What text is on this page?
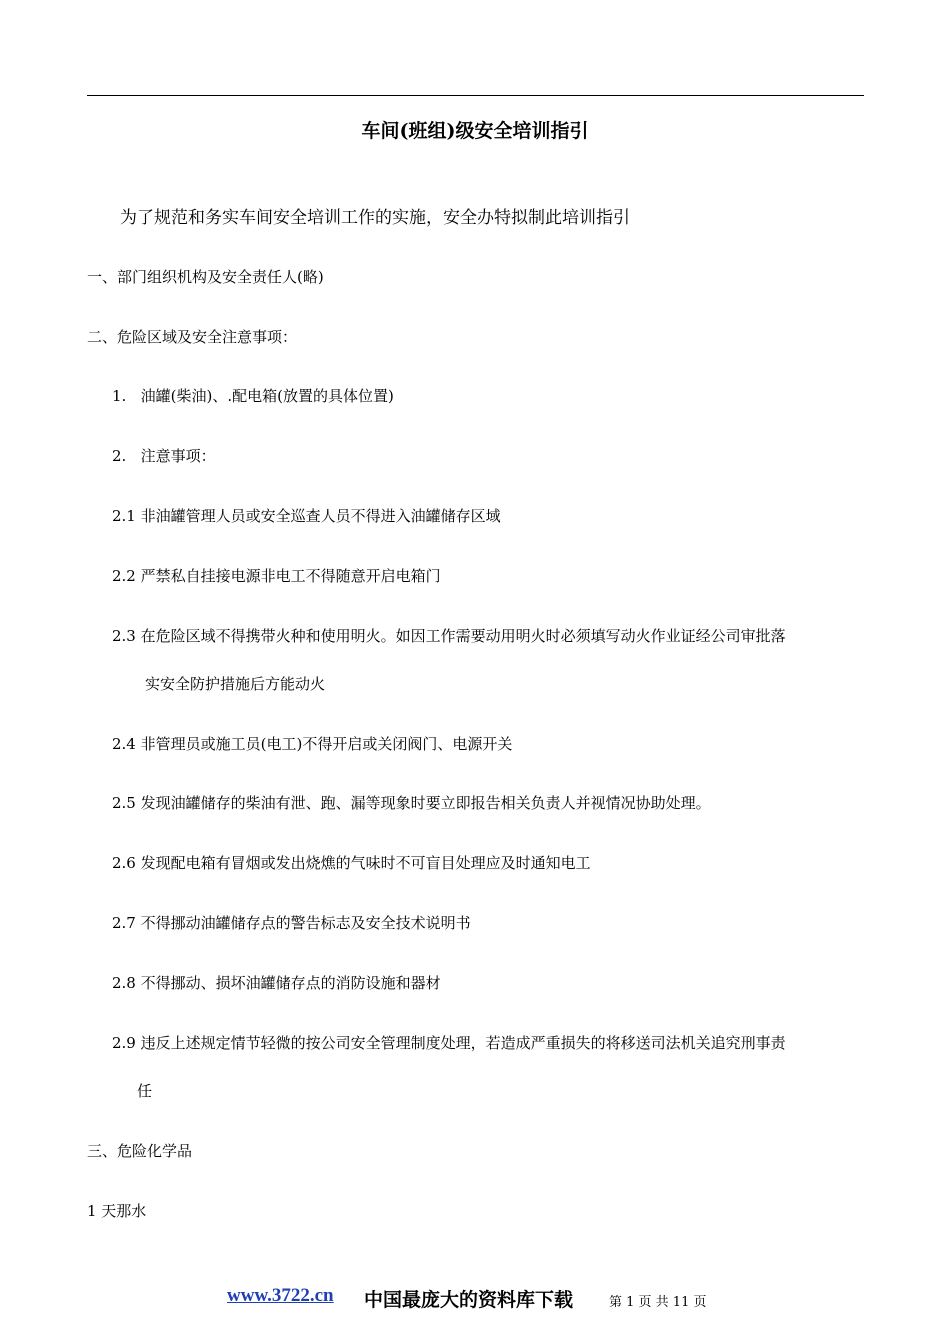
车间(班组)级安全培训指引
为了规范和务实车间安全培训工作的实施，安全办特拟制此培训指引
一、部门组织机构及安全责任人(略)
二、危险区域及安全注意事项：
1.   油罐(柴油)、.配电箱(放置的具体位置)
2.   注意事项：
2.1 非油罐管理人员或安全巡查人员不得进入油罐储存区域
2.2 严禁私自挂接电源非电工不得随意开启电箱门
2.3 在危险区域不得携带火种和使用明火。如因工作需要动用明火时必须填写动火作业证经公司审批落
实安全防护措施后方能动火
2.4 非管理员或施工员(电工)不得开启或关闭阀门、电源开关
2.5 发现油罐储存的柴油有泄、跑、漏等现象时要立即报告相关负责人并视情况协助处理。
2.6 发现配电箱有冒烟或发出烧燋的气味时不可盲目处理应及时通知电工
2.7 不得挪动油罐储存点的警告标志及安全技术说明书
2.8 不得挪动、损坏油罐储存点的消防设施和器材
2.9 违反上述规定情节轻微的按公司安全管理制度处理，若造成严重损失的将移送司法机关追究刑事责
任
三、危险化学品
1 天那水
www.3722.cn 中国最庞大的资料库下载	第 1 页 共 11 页
